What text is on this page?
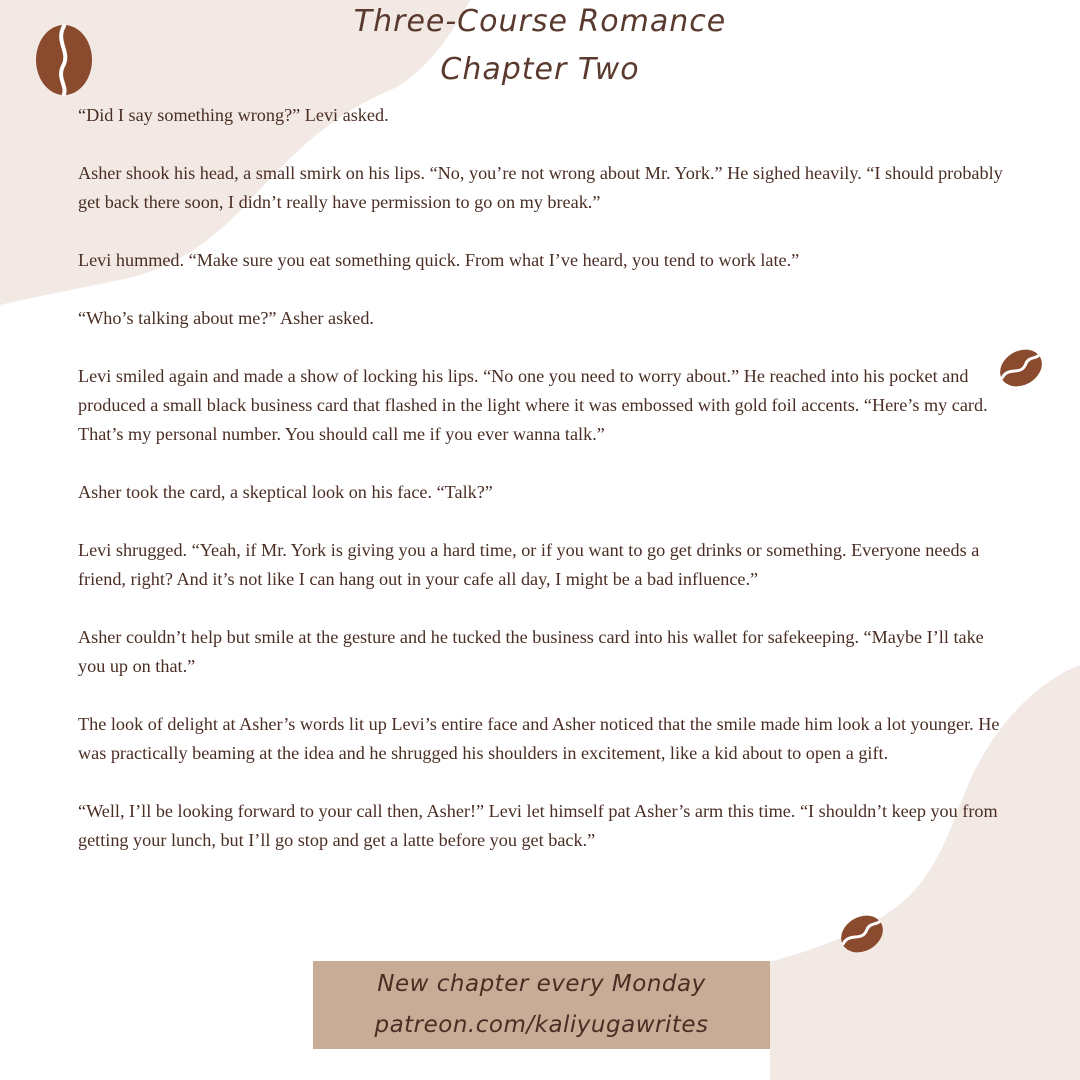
Three-Course Romance
Chapter Two

“Did I say something wrong?” Levi asked.

Asher shook his head, a small smirk on his lips. “No, you’re not wrong about Mr. York.” He sighed heavily. “I should probably get back there soon, I didn’t really have permission to go on my break.”

Levi hummed. “Make sure you eat something quick. From what I’ve heard, you tend to work late.”

“Who’s talking about me?” Asher asked.

Levi smiled again and made a show of locking his lips. “No one you need to worry about.” He reached into his pocket and produced a small black business card that flashed in the light where it was embossed with gold foil accents. “Here’s my card. That’s my personal number. You should call me if you ever wanna talk.”

Asher took the card, a skeptical look on his face. “Talk?”

Levi shrugged. “Yeah, if Mr. York is giving you a hard time, or if you want to go get drinks or something. Everyone needs a friend, right? And it’s not like I can hang out in your cafe all day, I might be a bad influence.”

Asher couldn’t help but smile at the gesture and he tucked the business card into his wallet for safekeeping. “Maybe I’ll take you up on that.”

The look of delight at Asher’s words lit up Levi’s entire face and Asher noticed that the smile made him look a lot younger. He was practically beaming at the idea and he shrugged his shoulders in excitement, like a kid about to open a gift.

“Well, I’ll be looking forward to your call then, Asher!” Levi let himself pat Asher’s arm this time. “I shouldn’t keep you from getting your lunch, but I’ll go stop and get a latte before you get back.”

New chapter every Monday
patreon.com/kaliyugawrites
